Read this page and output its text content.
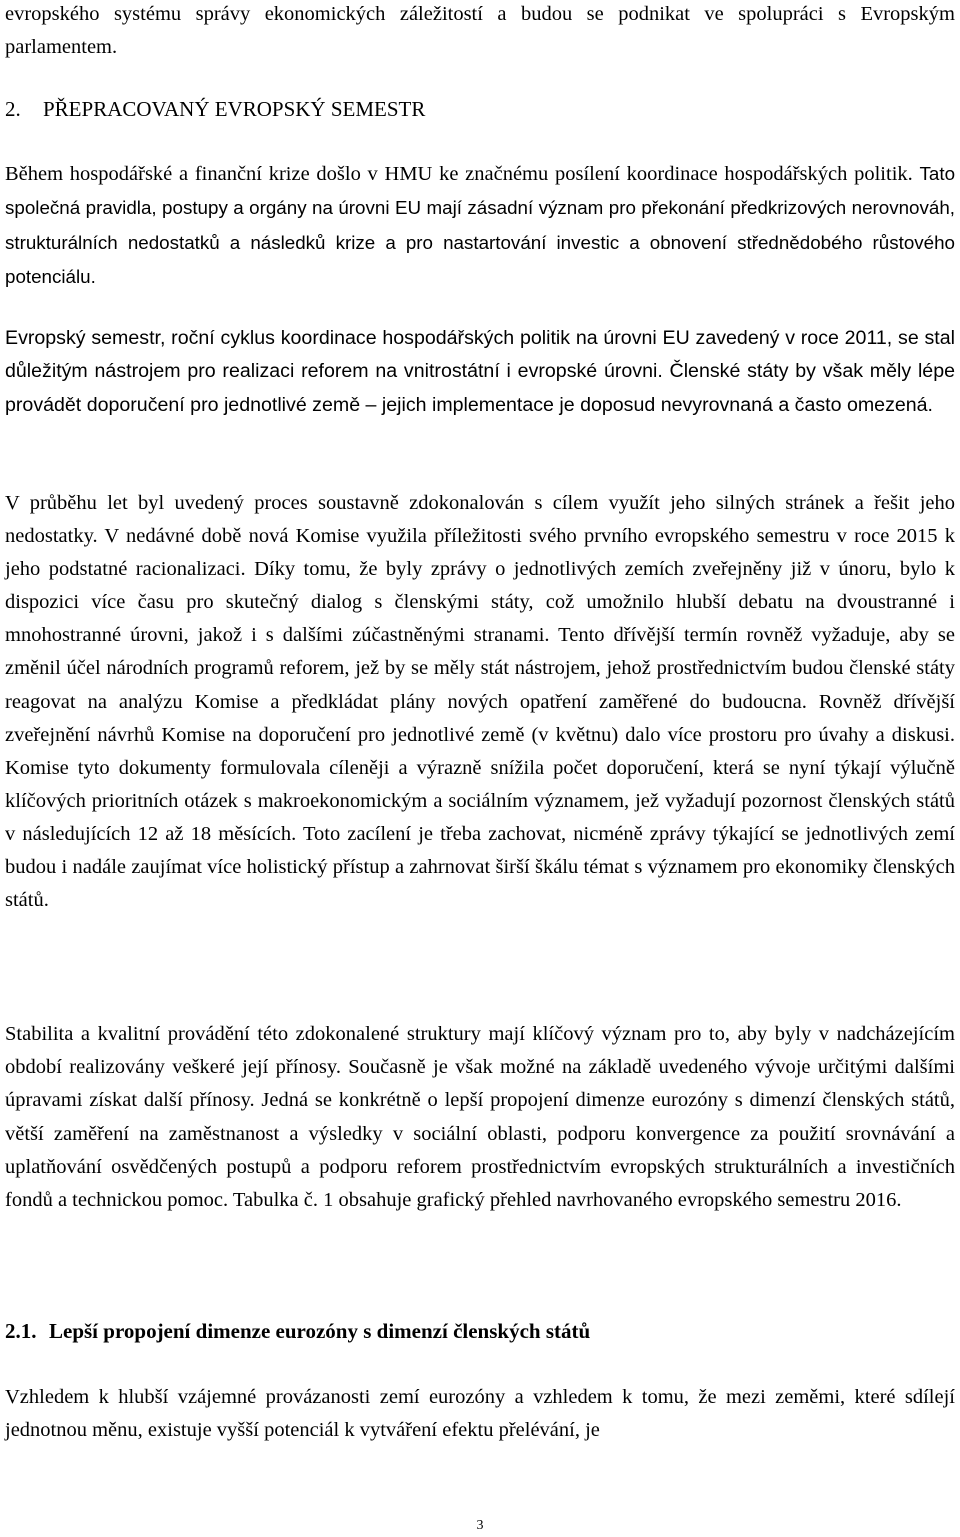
evropského systému správy ekonomických záležitostí a budou se podnikat ve spolupráci s Evropským parlamentem.

2. PŘEPRACOVANÝ EVROPSKÝ SEMESTR

Během hospodářské a finanční krize došlo v HMU ke značnému posílení koordinace hospodářských politik. Tato společná pravidla, postupy a orgány na úrovni EU mají zásadní význam pro překonání předkrizových nerovnováh, strukturálních nedostatků a následků krize a pro nastartování investic a obnovení střednědobého růstového potenciálu.

Evropský semestr, roční cyklus koordinace hospodářských politik na úrovni EU zavedený v roce 2011, se stal důležitým nástrojem pro realizaci reforem na vnitrostátní i evropské úrovni. Členské státy by však měly lépe provádět doporučení pro jednotlivé země – jejich implementace je doposud nevyrovnaná a často omezená.

V průběhu let byl uvedený proces soustavně zdokonalován s cílem využít jeho silných stránek a řešit jeho nedostatky. V nedávné době nová Komise využila příležitosti svého prvního evropského semestru v roce 2015 k jeho podstatné racionalizaci. Díky tomu, že byly zprávy o jednotlivých zemích zveřejněny již v únoru, bylo k dispozici více času pro skutečný dialog s členskými státy, což umožnilo hlubší debatu na dvoustranné i mnohostranné úrovni, jakož i s dalšími zúčastněnými stranami. Tento dřívější termín rovněž vyžaduje, aby se změnil účel národních programů reforem, jež by se měly stát nástrojem, jehož prostřednictvím budou členské státy reagovat na analýzu Komise a předkládat plány nových opatření zaměřené do budoucna. Rovněž dřívější zveřejnění návrhů Komise na doporučení pro jednotlivé země (v květnu) dalo více prostoru pro úvahy a diskusi. Komise tyto dokumenty formulovala cíleněji a výrazně snížila počet doporučení, která se nyní týkají výlučně klíčových prioritních otázek s makroekonomickým a sociálním významem, jež vyžadují pozornost členských států v následujících 12 až 18 měsících. Toto zacílení je třeba zachovat, nicméně zprávy týkající se jednotlivých zemí budou i nadále zaujímat více holistický přístup a zahrnovat širší škálu témat s významem pro ekonomiky členských států.

Stabilita a kvalitní provádění této zdokonalené struktury mají klíčový význam pro to, aby byly v nadcházejícím období realizovány veškeré její přínosy. Současně je však možné na základě uvedeného vývoje určitými dalšími úpravami získat další přínosy. Jedná se konkrétně o lepší propojení dimenze eurozóny s dimenzí členských států, větší zaměření na zaměstnanost a výsledky v sociální oblasti, podporu konvergence za použití srovnávání a uplatňování osvědčených postupů a podporu reforem prostřednictvím evropských strukturálních a investičních fondů a technickou pomoc. Tabulka č. 1 obsahuje grafický přehled navrhovaného evropského semestru 2016.

2.1. Lepší propojení dimenze eurozóny s dimenzí členských států

Vzhledem k hlubší vzájemné provázanosti zemí eurozóny a vzhledem k tomu, že mezi zeměmi, které sdílejí jednotnou měnu, existuje vyšší potenciál k vytváření efektu přelévání, je

3
